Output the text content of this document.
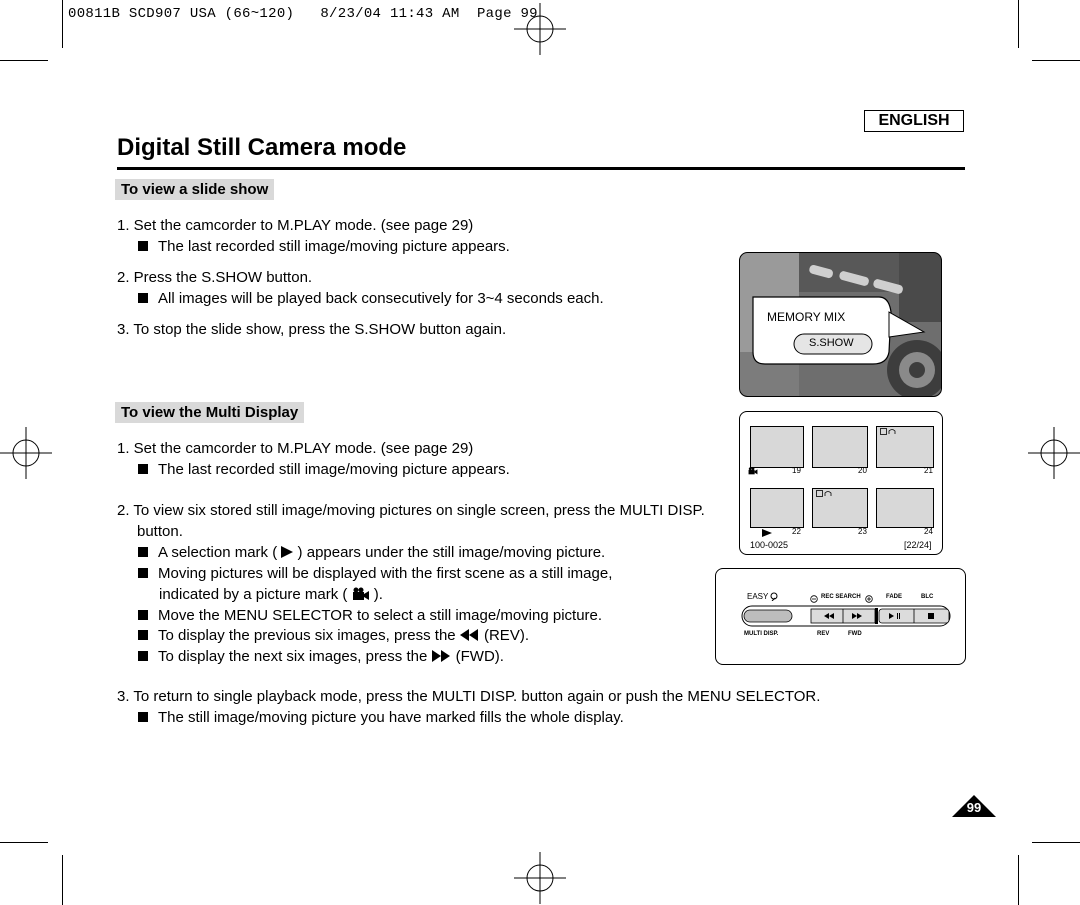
00811B SCD907 USA (66~120)   8/23/04 11:43 AM  Page 99
ENGLISH
Digital Still Camera mode
To view a slide show
1. Set the camcorder to M.PLAY mode. (see page 29)
The last recorded still image/moving picture appears.
2. Press the S.SHOW button.
All images will be played back consecutively for 3~4 seconds each.
3. To stop the slide show, press the S.SHOW button again.
To view the Multi Display
1. Set the camcorder to M.PLAY mode. (see page 29)
The last recorded still image/moving picture appears.
2. To view six stored still image/moving pictures on single screen, press the MULTI DISP.
button.
A selection mark (  ) appears under the still image/moving picture.
Moving pictures will be displayed with the first scene as a still image,
indicated by a picture mark (  ).
Move the MENU SELECTOR to select a still image/moving picture.
To display the previous six images, press the  (REV).
To display the next six images, press the  (FWD).
3. To return to single playback mode, press the MULTI DISP. button again or push the MENU SELECTOR.
The still image/moving picture you have marked fills the whole display.
MEMORY MIX
S.SHOW
19	20	21
22	23	24
100-0025	[22/24]
EASY	REC SEARCH	FADE	BLC
MULTI DISP.	REV	FWD
99
